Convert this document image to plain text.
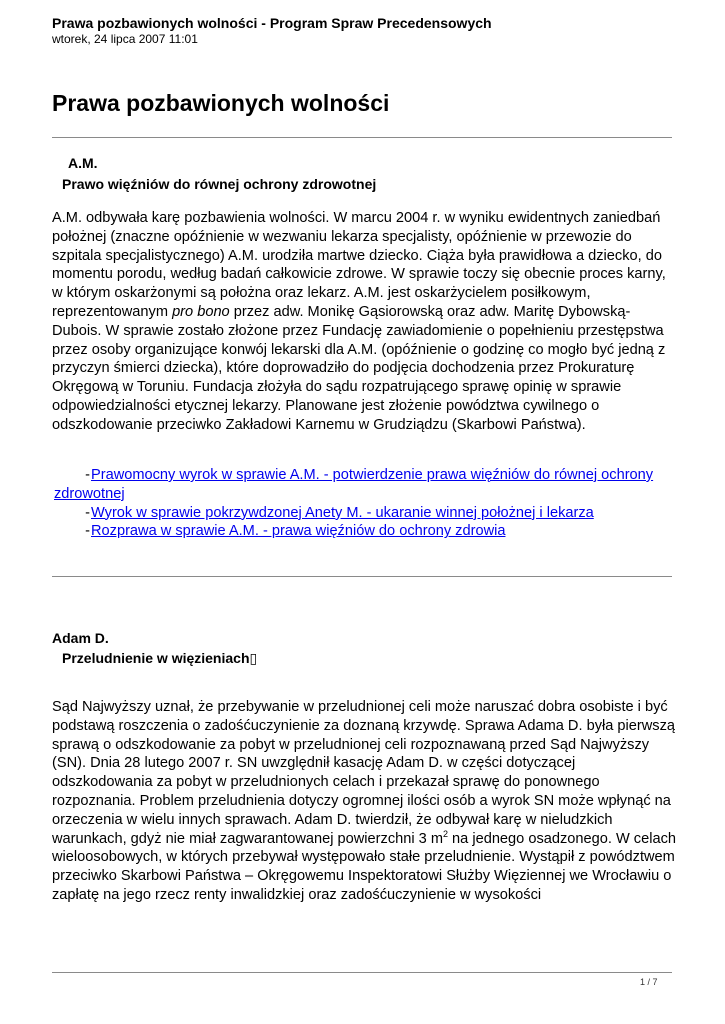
Prawa pozbawionych wolności - Program Spraw Precedensowych
wtorek, 24 lipca 2007 11:01
Prawa pozbawionych wolności
A.M.
Prawo więźniów do równej ochrony zdrowotnej

A.M. odbywała karę pozbawienia wolności. W marcu 2004 r. w wyniku ewidentnych zaniedbań położnej (znaczne opóźnienie w wezwaniu lekarza specjalisty, opóźnienie w przewozie do szpitala specjalistycznego) A.M. urodziła martwe dziecko. Ciąża była prawidłowa a dziecko, do momentu porodu, według badań całkowicie zdrowe. W sprawie toczy się obecnie proces karny, w którym oskarżonymi są położna oraz lekarz. A.M. jest oskarżycielem posiłkowym, reprezentowanym pro bono przez adw. Monikę Gąsiorowską oraz adw. Maritę Dybowską-Dubois. W sprawie zostało złożone przez Fundację zawiadomienie o popełnieniu przestępstwa przez osoby organizujące konwój lekarski dla A.M. (opóźnienie o godzinę co mogło być jedną z przyczyn śmierci dziecka), które doprowadziło do podjęcia dochodzenia przez Prokuraturę Okręgową w Toruniu. Fundacja złożyła do sądu rozpatrującego sprawę opinię w sprawie odpowiedzialności etycznej lekarzy. Planowane jest złożenie powództwa cywilnego o odszkodowanie przeciwko Zakładowi Karnemu w Grudziądzu (Skarbowi Państwa).

-Prawomocny wyrok w sprawie A.M. - potwierdzenie prawa więźniów do równej ochrony
zdrowotnej
-Wyrok w sprawie pokrzywdzonej Anety M. - ukaranie winnej położnej i lekarza
-Rozprawa w sprawie A.M. - prawa więźniów do ochrony zdrowia
Adam D.
Przeludnienie w więzieniach▯

Sąd Najwyższy uznał, że przebywanie w przeludnionej celi może naruszać dobra osobiste i być podstawą roszczenia o zadośćuczynienie za doznaną krzywdę. Sprawa Adama D. była pierwszą sprawą o odszkodowanie za pobyt w przeludnionej celi rozpoznawaną przed Sąd Najwyższy (SN). Dnia 28 lutego 2007 r. SN uwzględnił kasację Adam D. w części dotyczącej odszkodowania za pobyt w przeludnionych celach i przekazał sprawę do ponownego rozpoznania. Problem przeludnienia dotyczy ogromnej ilości osób a wyrok SN może wpłynąć na orzeczenia w wielu innych sprawach. Adam D. twierdził, że odbywał karę w nieludzkich warunkach, gdyż nie miał zagwarantowanej powierzchni 3 $m^2$ na jednego osadzonego. W celach wieloosobowych, w których przebywał występowało stałe przeludnienie. Wystąpił z powództwem przeciwko Skarbowi Państwa – Okręgowemu Inspektoratowi Służby Więziennej we Wrocławiu o zapłatę na jego rzecz renty inwalidzkiej oraz zadośćuczynienie w wysokości

1 / 7
